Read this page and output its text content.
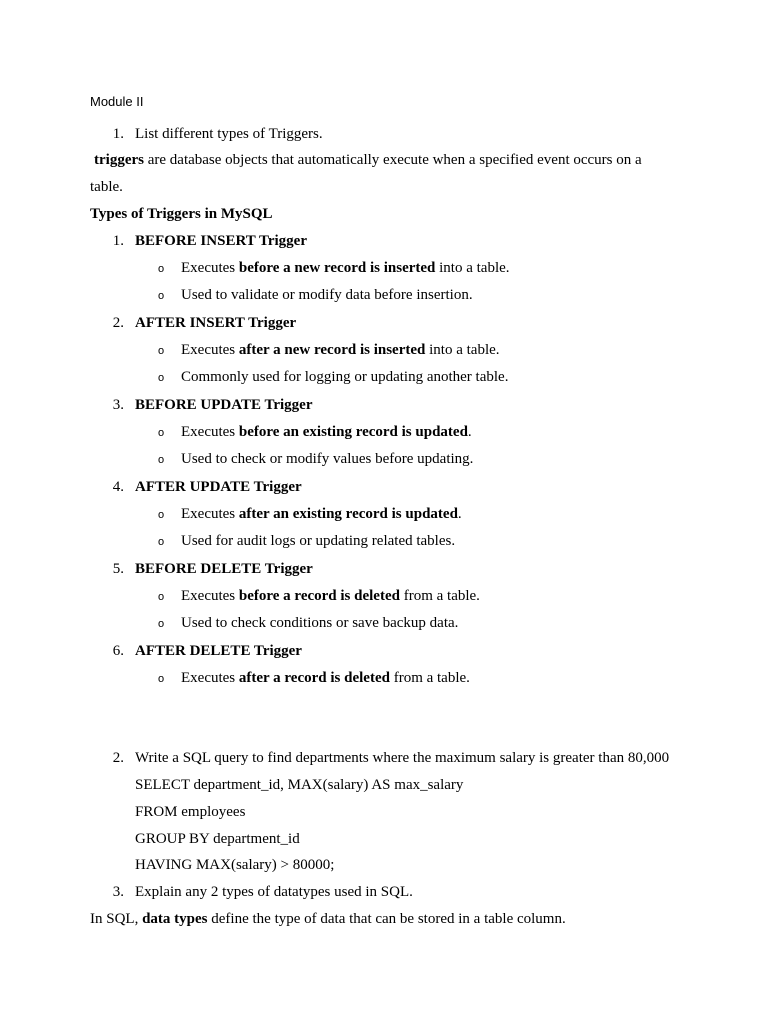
Module II
1. List different types of Triggers.
triggers are database objects that automatically execute when a specified event occurs on a
table.
Types of Triggers in MySQL
1. BEFORE INSERT Trigger
o Executes before a new record is inserted into a table.
o Used to validate or modify data before insertion.
2. AFTER INSERT Trigger
o Executes after a new record is inserted into a table.
o Commonly used for logging or updating another table.
3. BEFORE UPDATE Trigger
o Executes before an existing record is updated.
o Used to check or modify values before updating.
4. AFTER UPDATE Trigger
o Executes after an existing record is updated.
o Used for audit logs or updating related tables.
5. BEFORE DELETE Trigger
o Executes before a record is deleted from a table.
o Used to check conditions or save backup data.
6. AFTER DELETE Trigger
o Executes after a record is deleted from a table.
2. Write a SQL query to find departments where the maximum salary is greater than 80,000
SELECT department_id, MAX(salary) AS max_salary
FROM employees
GROUP BY department_id
HAVING MAX(salary) > 80000;
3. Explain any 2 types of datatypes used in SQL.
In SQL, data types define the type of data that can be stored in a table column.
